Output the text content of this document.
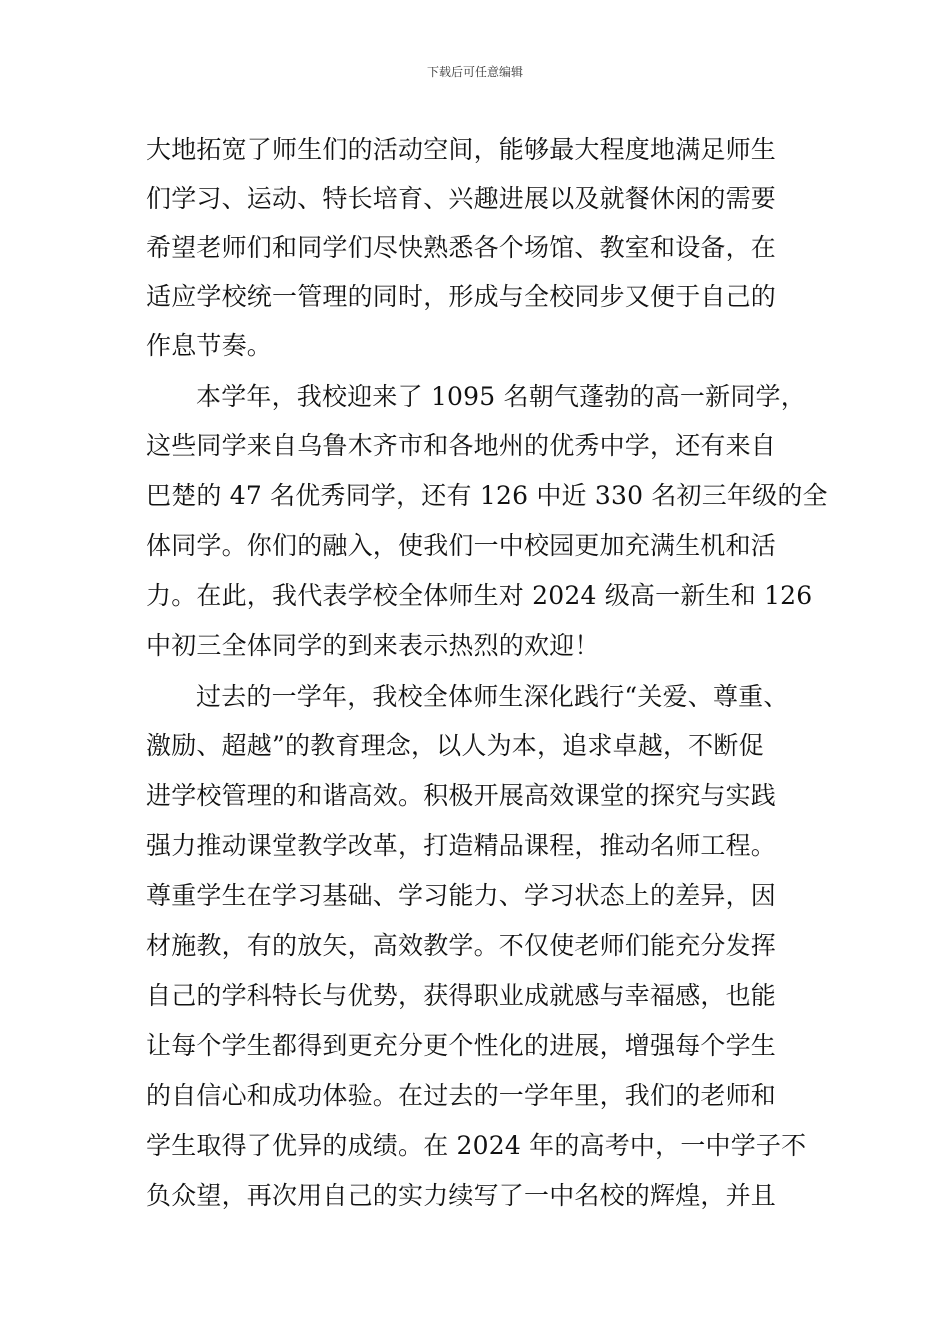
下载后可任意编辑
大地拓宽了师生们的活动空间，能够最大程度地满足师生
们学习、运动、特长培育、兴趣进展以及就餐休闲的需要
希望老师们和同学们尽快熟悉各个场馆、教室和设备，在
适应学校统一管理的同时，形成与全校同步又便于自己的
作息节奏。
本学年，我校迎来了 1095 名朝气蓬勃的高一新同学，
这些同学来自乌鲁木齐市和各地州的优秀中学，还有来自
巴楚的 47 名优秀同学，还有 126 中近 330 名初三年级的全
体同学。你们的融入，使我们一中校园更加充满生机和活
力。在此，我代表学校全体师生对 2024 级高一新生和 126
中初三全体同学的到来表示热烈的欢迎！
过去的一学年，我校全体师生深化践行“关爱、尊重、
激励、超越”的教育理念，以人为本，追求卓越，不断促
进学校管理的和谐高效。积极开展高效课堂的探究与实践
强力推动课堂教学改革，打造精品课程，推动名师工程。
尊重学生在学习基础、学习能力、学习状态上的差异，因
材施教，有的放矢，高效教学。不仅使老师们能充分发挥
自己的学科特长与优势，获得职业成就感与幸福感，也能
让每个学生都得到更充分更个性化的进展，增强每个学生
的自信心和成功体验。在过去的一学年里，我们的老师和
学生取得了优异的成绩。在 2024 年的高考中，一中学子不
负众望，再次用自己的实力续写了一中名校的辉煌，并且
